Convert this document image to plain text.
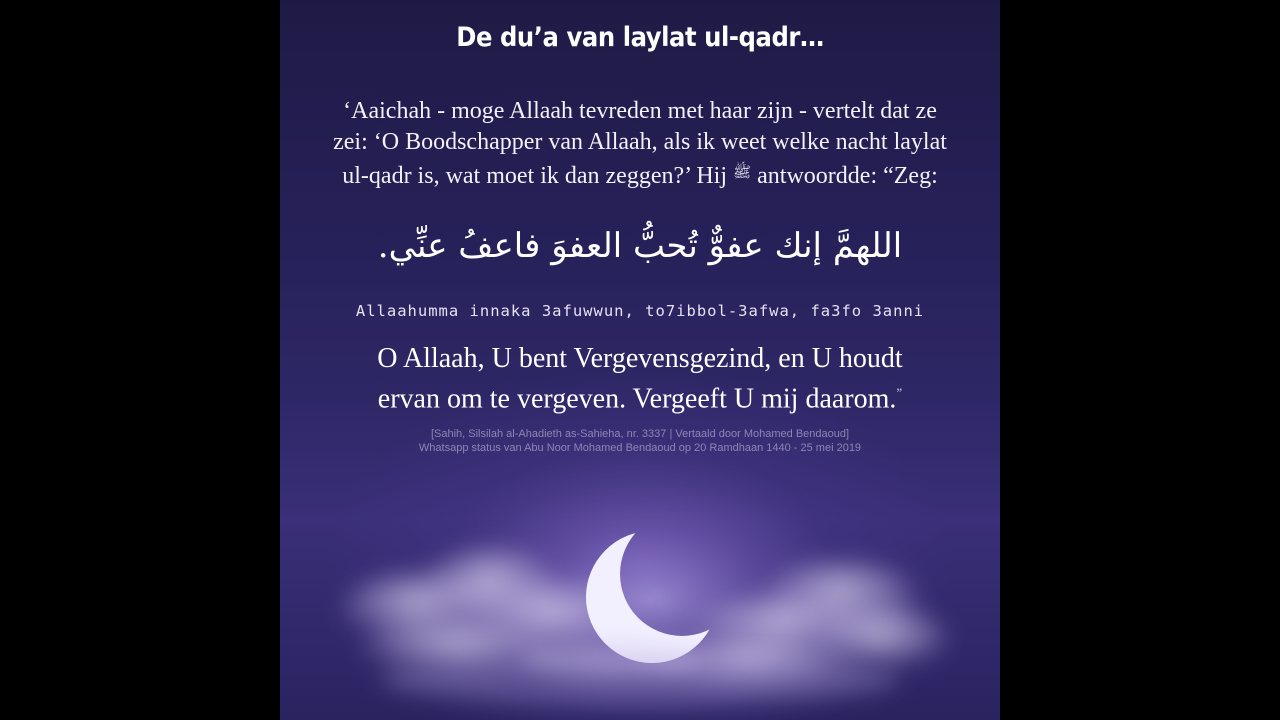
De du’a van laylat ul-qadr…
‘Aaichah - moge Allaah tevreden met haar zijn - vertelt dat ze
zei: ‘O Boodschapper van Allaah, als ik weet welke nacht laylat
ul-qadr is, wat moet ik dan zeggen?’ Hij $^ﷺ$ antwoordde: “Zeg:
اللهمَّ إنك عفوٌّ تُحبُّ العفوَ فاعفُ عنِّي.
Allaahumma innaka 3afuwwun, to7ibbol-3afwa, fa3fo 3anni
O Allaah, U bent Vergevensgezind, en U houdt
ervan om te vergeven. Vergeeft U mij daarom.”
[Sahih, Silsilah al-Ahadieth as-Sahieha, nr. 3337 | Vertaald door Mohamed Bendaoud]
Whatsapp status van Abu Noor Mohamed Bendaoud op 20 Ramdhaan 1440 - 25 mei 2019
